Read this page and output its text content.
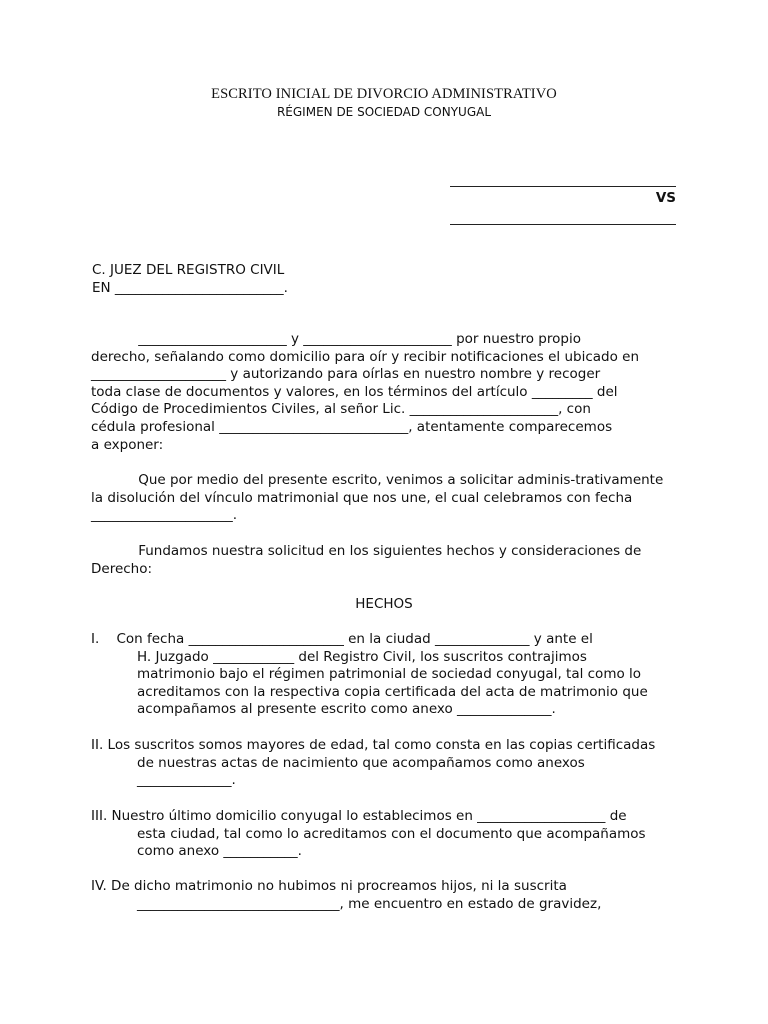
ESCRITO INICIAL DE DIVORCIO ADMINISTRATIVO
RÉGIMEN DE SOCIEDAD CONYUGAL
VS
C. JUEZ DEL REGISTRO CIVIL
EN _________________________.
______________________ y ______________________ por nuestro propio
derecho, señalando como domicilio para oír y recibir notificaciones el ubicado en
____________________ y autorizando para oírlas en nuestro nombre y recoger
toda clase de documentos y valores, en los términos del artículo _________ del
Código de Procedimientos Civiles, al señor Lic. ______________________, con
cédula profesional ____________________________, atentamente comparecemos
a exponer:
Que por medio del presente escrito, venimos a solicitar adminis-trativamente
la disolución del vínculo matrimonial que nos une, el cual celebramos con fecha
_____________________.
Fundamos nuestra solicitud en los siguientes hechos y consideraciones de
Derecho:
HECHOS
I.    Con fecha _______________________ en la ciudad ______________ y ante el
H. Juzgado ____________ del Registro Civil, los suscritos contrajimos
matrimonio bajo el régimen patrimonial de sociedad conyugal, tal como lo
acreditamos con la respectiva copia certificada del acta de matrimonio que
acompañamos al presente escrito como anexo ______________.
II. Los suscritos somos mayores de edad, tal como consta en las copias certificadas
de nuestras actas de nacimiento que acompañamos como anexos
______________.
III. Nuestro último domicilio conyugal lo establecimos en ___________________ de
esta ciudad, tal como lo acreditamos con el documento que acompañamos
como anexo ___________.
IV. De dicho matrimonio no hubimos ni procreamos hijos, ni la suscrita
______________________________, me encuentro en estado de gravidez,
